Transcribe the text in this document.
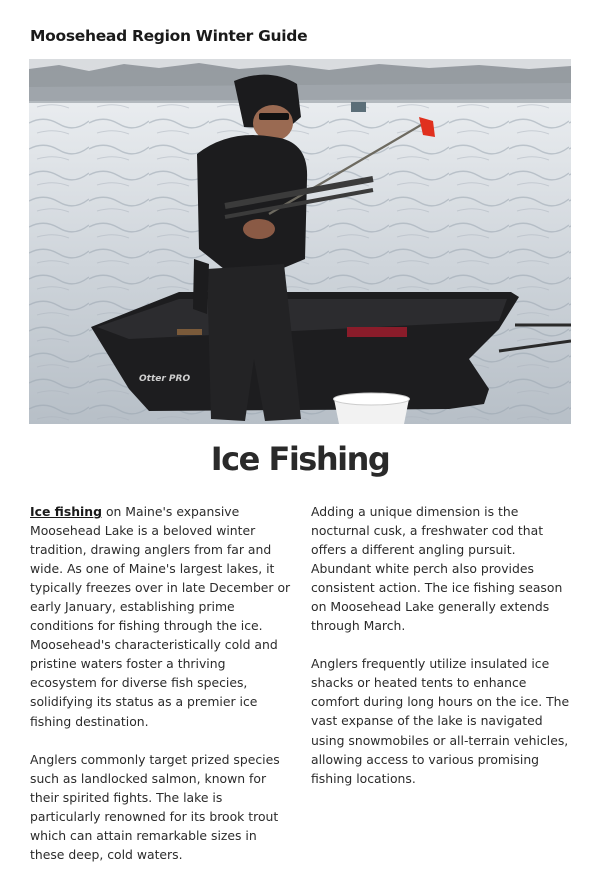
Moosehead Region Winter Guide
Otter PRO
Ice Fishing

Ice fishing on Maine's expansive Moosehead Lake is a beloved winter tradition, drawing anglers from far and wide. As one of Maine's largest lakes, it typically freezes over in late December or early January, establishing prime conditions for fishing through the ice. Moosehead's characteristically cold and pristine waters foster a thriving ecosystem for diverse fish species, solidifying its status as a premier ice fishing destination.

Anglers commonly target prized species such as landlocked salmon, known for their spirited fights. The lake is particularly renowned for its brook trout which can attain remarkable sizes in these deep, cold waters.

Adding a unique dimension is the nocturnal cusk, a freshwater cod that offers a different angling pursuit. Abundant white perch also provides consistent action. The ice fishing season on Moosehead Lake generally extends through March.

Anglers frequently utilize insulated ice shacks or heated tents to enhance comfort during long hours on the ice. The vast expanse of the lake is navigated using snowmobiles or all-terrain vehicles, allowing access to various promising fishing locations.
